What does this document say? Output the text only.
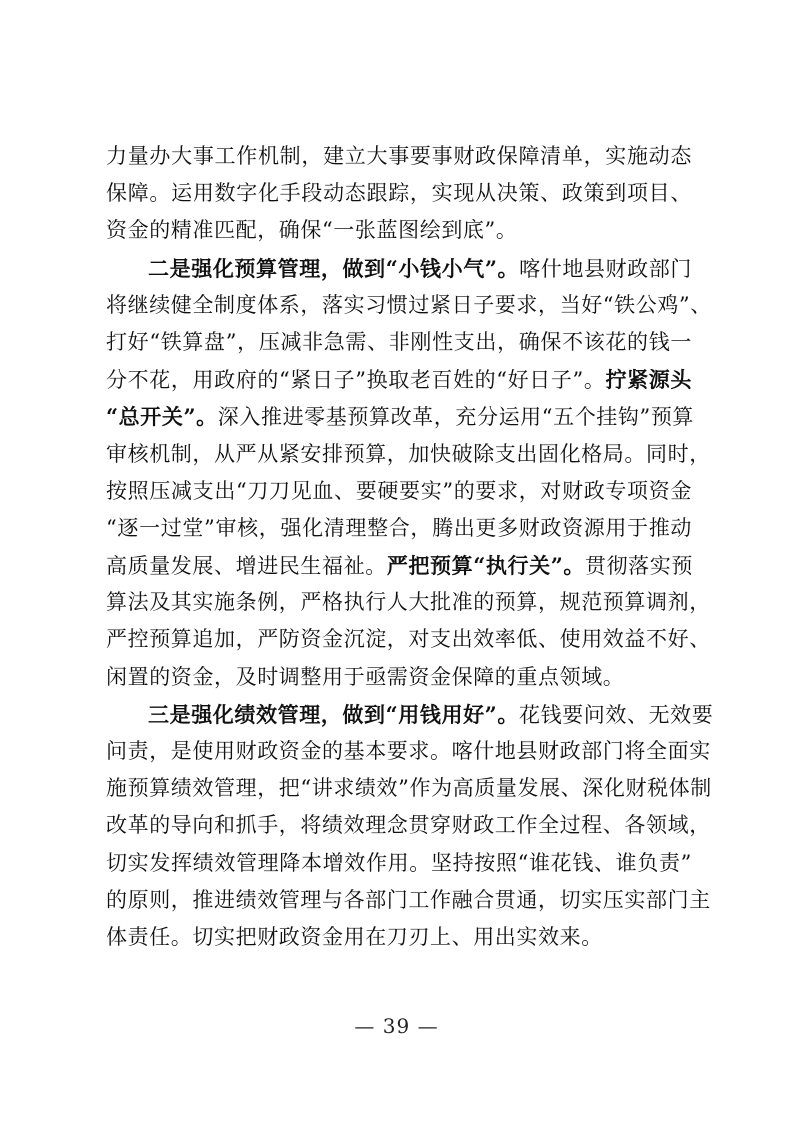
力量办大事工作机制，建立大事要事财政保障清单，实施动态
保障。运用数字化手段动态跟踪，实现从决策、政策到项目、
资金的精准匹配，确保“一张蓝图绘到底”。
二是强化预算管理，做到“小钱小气”。喀什地县财政部门
将继续健全制度体系，落实习惯过紧日子要求，当好“铁公鸡”、
打好“铁算盘”，压减非急需、非刚性支出，确保不该花的钱一
分不花，用政府的“紧日子”换取老百姓的“好日子”。拧紧源头
“总开关”。深入推进零基预算改革，充分运用“五个挂钩”预算
审核机制，从严从紧安排预算，加快破除支出固化格局。同时，
按照压减支出“刀刀见血、要硬要实”的要求，对财政专项资金
“逐一过堂”审核，强化清理整合，腾出更多财政资源用于推动
高质量发展、增进民生福祉。严把预算“执行关”。贯彻落实预
算法及其实施条例，严格执行人大批准的预算，规范预算调剂，
严控预算追加，严防资金沉淀，对支出效率低、使用效益不好、
闲置的资金，及时调整用于亟需资金保障的重点领域。
三是强化绩效管理，做到“用钱用好”。花钱要问效、无效要
问责，是使用财政资金的基本要求。喀什地县财政部门将全面实
施预算绩效管理，把“讲求绩效”作为高质量发展、深化财税体制
改革的导向和抓手，将绩效理念贯穿财政工作全过程、各领域，
切实发挥绩效管理降本增效作用。坚持按照“谁花钱、谁负责”
的原则，推进绩效管理与各部门工作融合贯通，切实压实部门主
体责任。切实把财政资金用在刀刃上、用出实效来。
— 39 —
